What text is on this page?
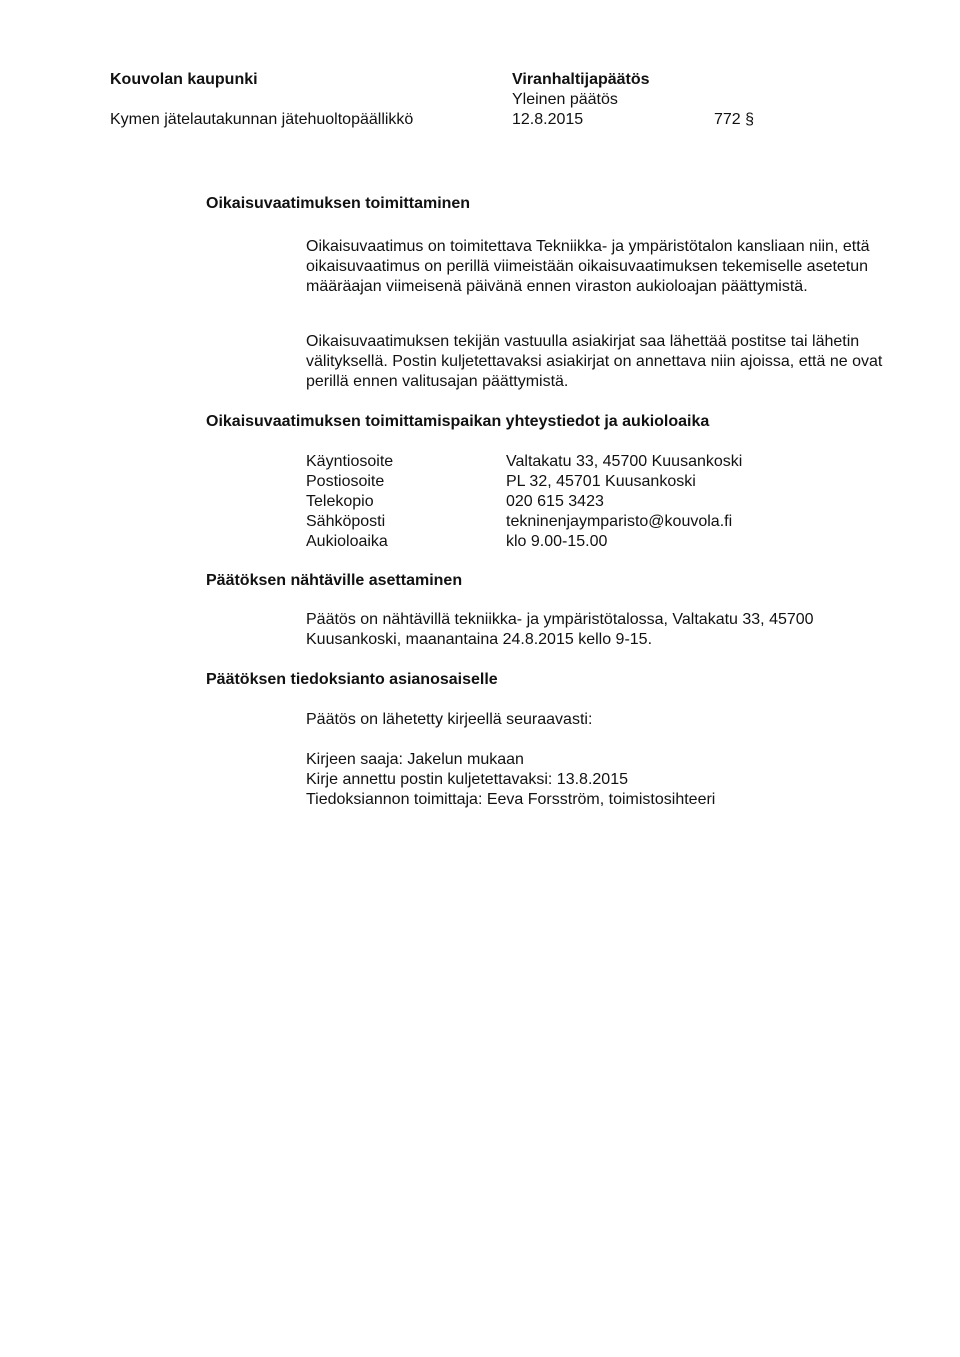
Kouvolan kaupunki
Kymen jätelautakunnan jätehuoltopäällikkö
Viranhaltijapäätös
Yleinen päätös
12.8.2015	772 §
Oikaisuvaatimuksen toimittaminen

Oikaisuvaatimus on toimitettava Tekniikka- ja ympäristötalon kansliaan niin, että oikaisuvaatimus on perillä viimeistään oikaisuvaatimuksen tekemiselle asetetun määräajan viimeisenä päivänä ennen viraston aukioloajan päättymistä.

Oikaisuvaatimuksen tekijän vastuulla asiakirjat saa lähettää postitse tai lähetin välityksellä. Postin kuljetettavaksi asiakirjat on annettava niin ajoissa, että ne ovat perillä ennen valitusajan päättymistä.

Oikaisuvaatimuksen toimittamispaikan yhteystiedot ja aukioloaika
Käyntiosoite	Valtakatu 33, 45700 Kuusankoski
Postiosoite	PL 32, 45701 Kuusankoski
Telekopio	020 615 3423
Sähköposti	tekninenjaymparisto@kouvola.fi
Aukioloaika	klo 9.00-15.00
Päätöksen nähtäville asettaminen

Päätös on nähtävillä tekniikka- ja ympäristötalossa, Valtakatu 33, 45700 Kuusankoski, maanantaina 24.8.2015 kello 9-15.

Päätöksen tiedoksianto asianosaiselle
Päätös on lähetetty kirjeellä seuraavasti:
Kirjeen saaja: Jakelun mukaan
Kirje annettu postin kuljetettavaksi: 13.8.2015
Tiedoksiannon toimittaja: Eeva Forsström, toimistosihteeri
